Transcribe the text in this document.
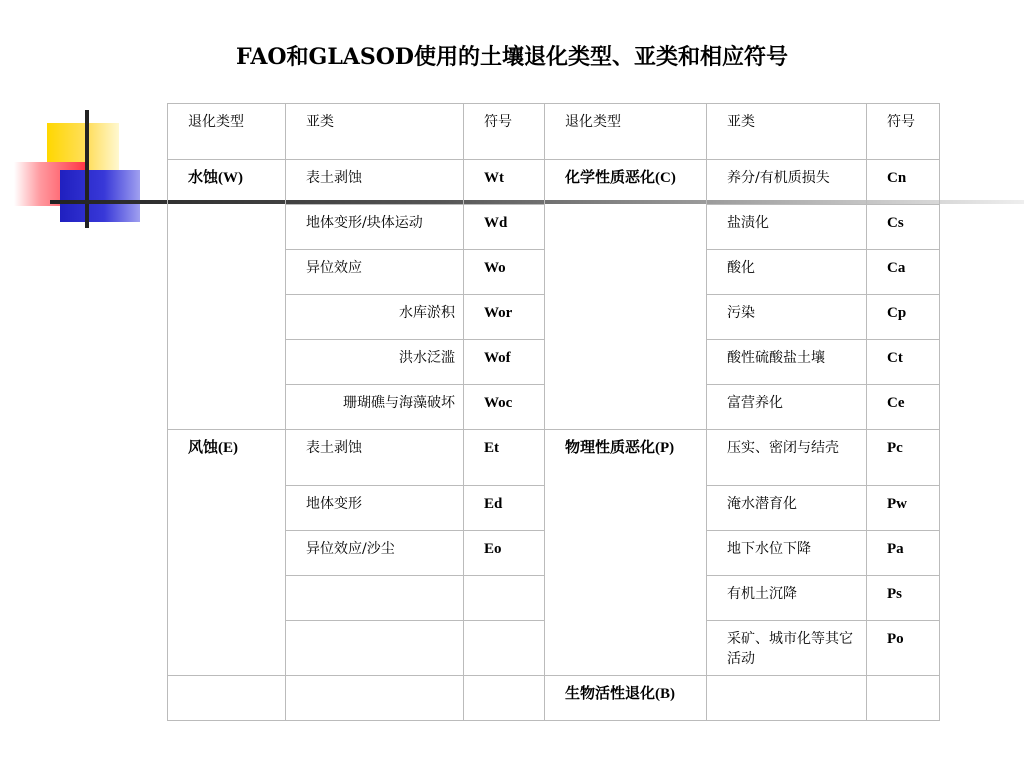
FAO和GLASOD使用的土壤退化类型、亚类和相应符号
退化类型	亚类	符号	退化类型	亚类	符号
水蚀(W)	表土剥蚀	Wt	化学性质恶化(C)	养分/有机质损失	Cn
	地体变形/块体运动	Wd		盐渍化	Cs
	异位效应	Wo		酸化	Ca
	水库淤积	Wor		污染	Cp
	洪水泛滥	Wof		酸性硫酸盐土壤	Ct
	珊瑚礁与海藻破坏	Woc		富营养化	Ce
风蚀(E)	表土剥蚀	Et	物理性质恶化(P)	压实、密闭与结壳	Pc
	地体变形	Ed		淹水潜育化	Pw
	异位效应/沙尘	Eo		地下水位下降	Pa
				有机土沉降	Ps
				采矿、城市化等其它活动	Po
			生物活性退化(B)		
